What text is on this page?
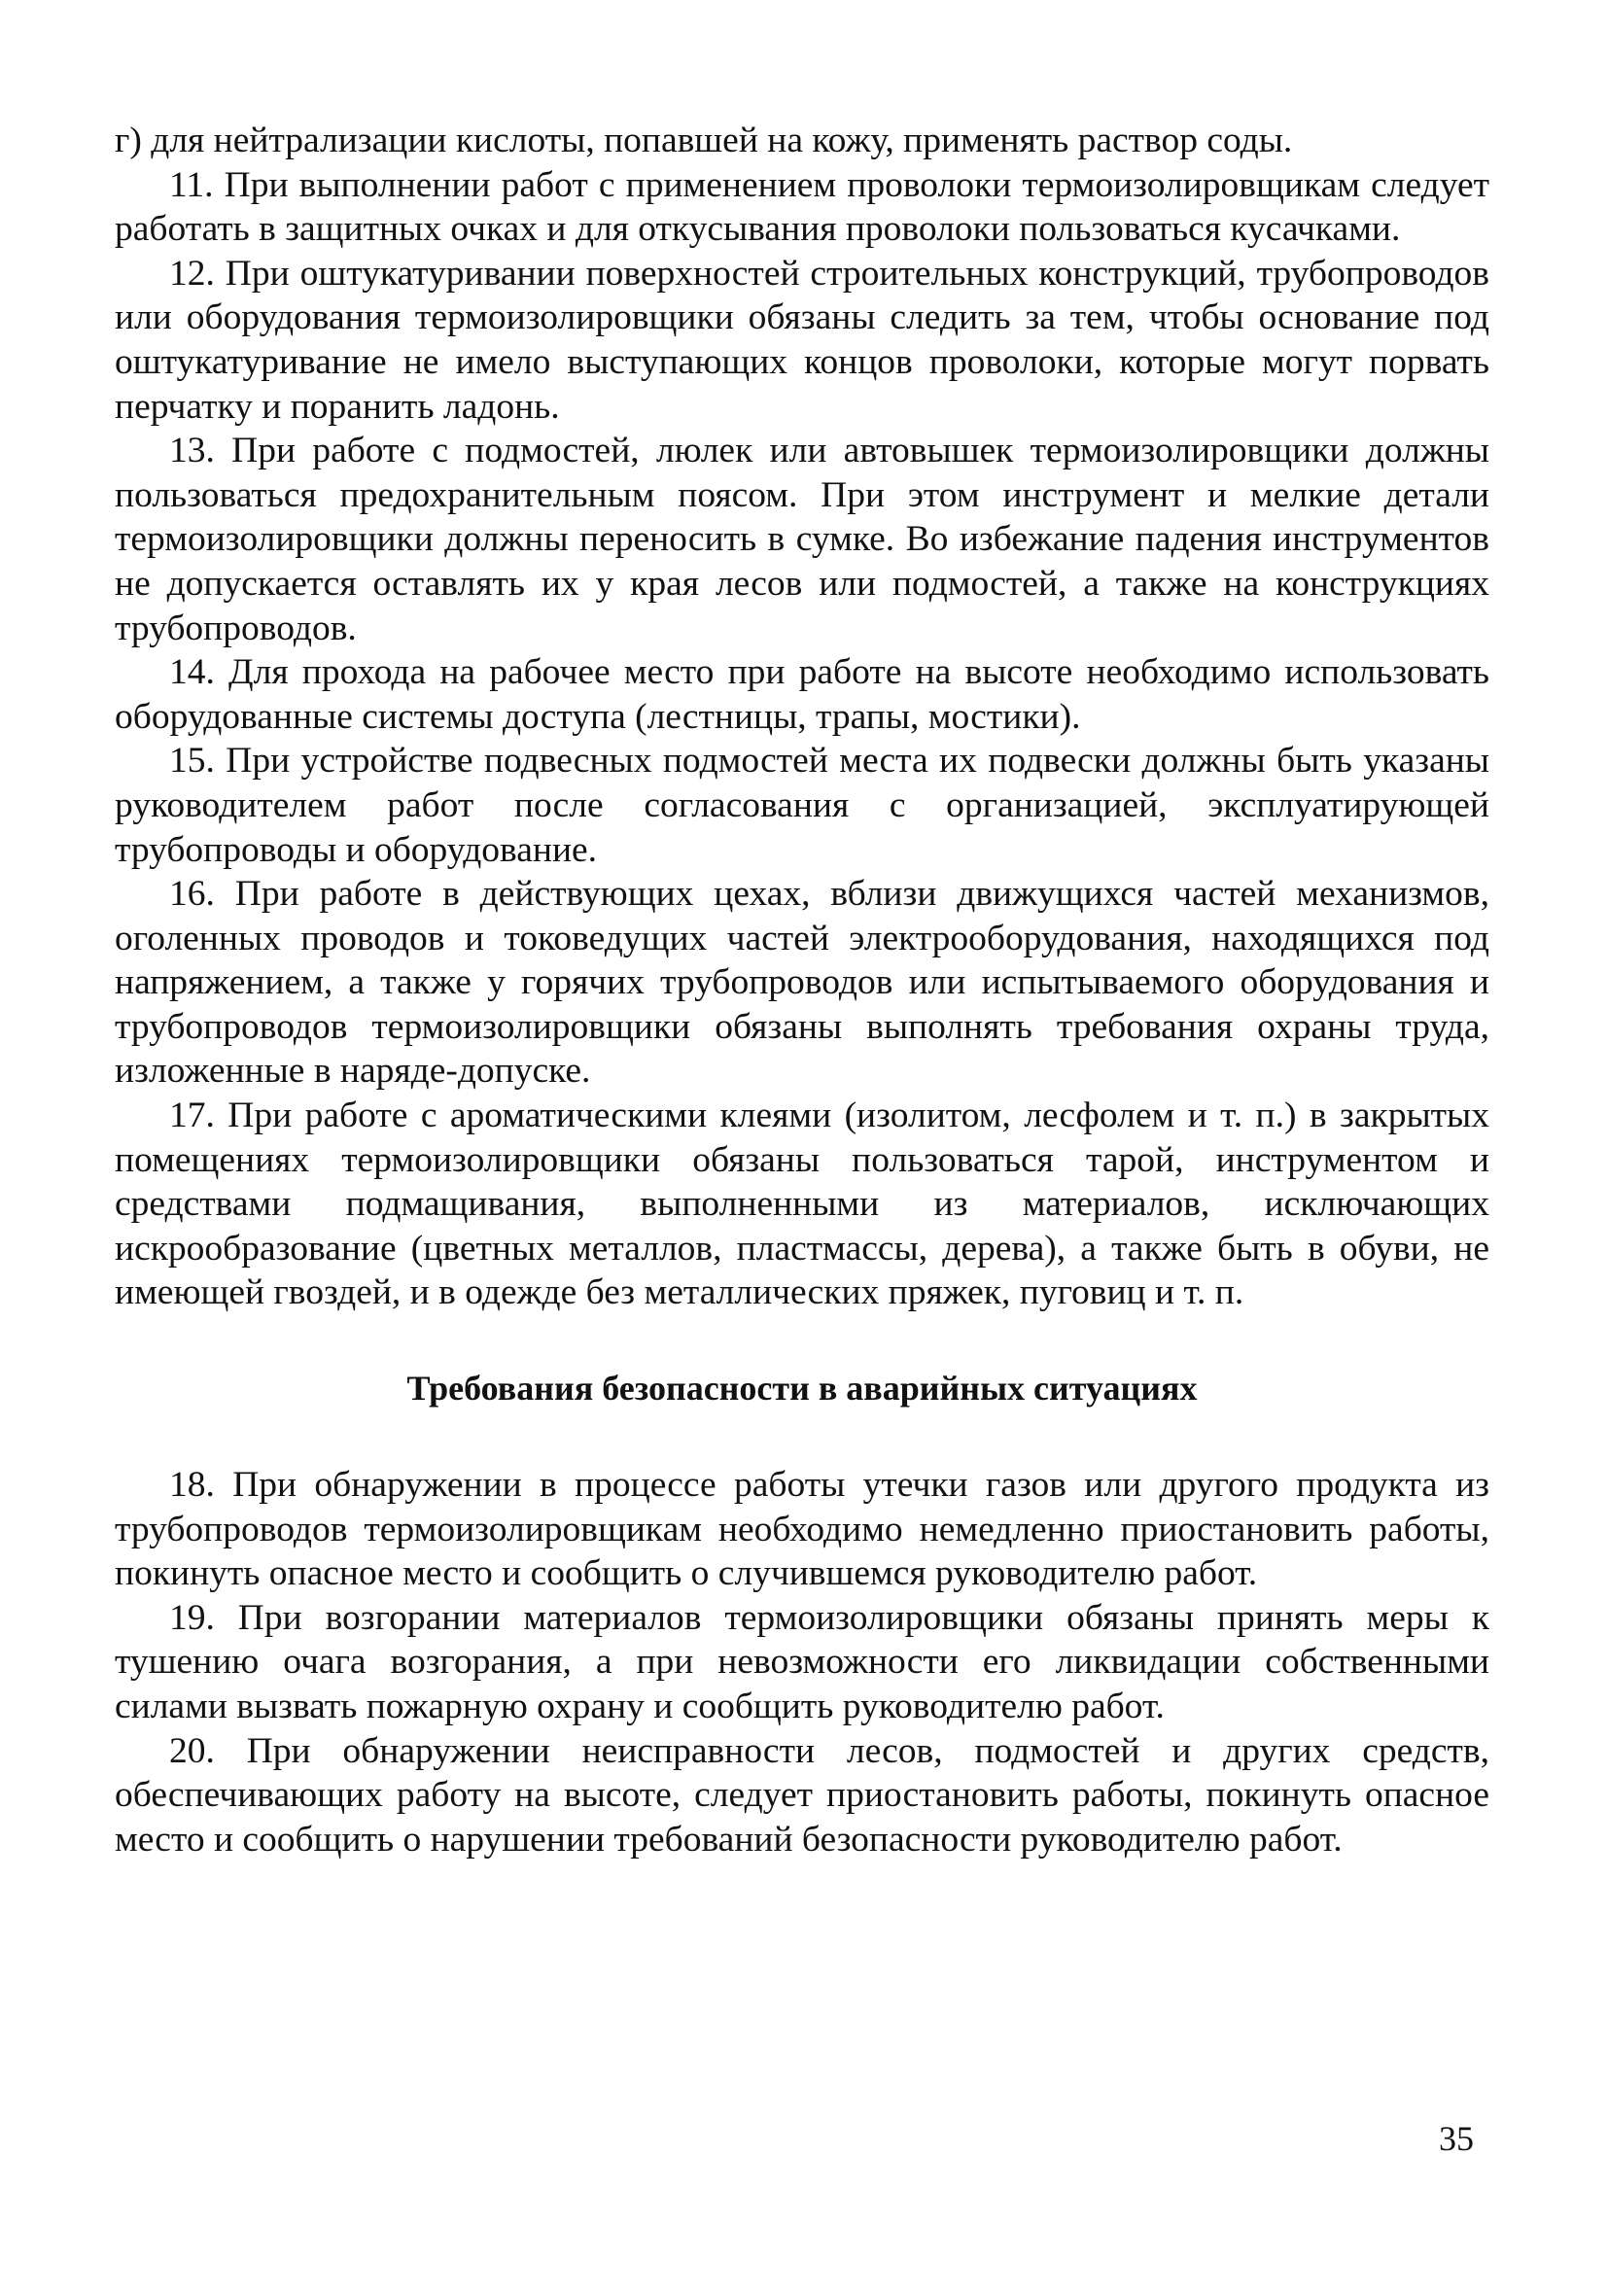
г) для нейтрализации кислоты, попавшей на кожу, применять раствор соды.

11. При выполнении работ с применением проволоки термоизолировщикам следует работать в защитных очках и для откусывания проволоки пользоваться кусачками.

12. При оштукатуривании поверхностей строительных конструкций, трубопроводов или оборудования термоизолировщики обязаны следить за тем, чтобы основание под оштукатуривание не имело выступающих концов проволоки, которые могут порвать перчатку и поранить ладонь.

13. При работе с подмостей, люлек или автовышек термоизолировщики должны пользоваться предохранительным поясом. При этом инструмент и мелкие детали термоизолировщики должны переносить в сумке. Во избежание падения инструментов не допускается оставлять их у края лесов или подмостей, а также на конструкциях трубопроводов.

14. Для прохода на рабочее место при работе на высоте необходимо использовать оборудованные системы доступа (лестницы, трапы, мостики).

15. При устройстве подвесных подмостей места их подвески должны быть указаны руководителем работ после согласования с организацией, эксплуатирующей трубопроводы и оборудование.

16. При работе в действующих цехах, вблизи движущихся частей механизмов, оголенных проводов и токоведущих частей электрооборудования, находящихся под напряжением, а также у горячих трубопроводов или испытываемого оборудования и трубопроводов термоизолировщики обязаны выполнять требования охраны труда, изложенные в наряде-допуске.

17. При работе с ароматическими клеями (изолитом, лесфолем и т. п.) в закрытых помещениях термоизолировщики обязаны пользоваться тарой, инструментом и средствами подмащивания, выполненными из материалов, исключающих искрообразование (цветных металлов, пластмассы, дерева), а также быть в обуви, не имеющей гвоздей, и в одежде без металлических пряжек, пуговиц и т. п.

Требования безопасности в аварийных ситуациях

18. При обнаружении в процессе работы утечки газов или другого продукта из трубопроводов термоизолировщикам необходимо немедленно приостановить работы, покинуть опасное место и сообщить о случившемся руководителю работ.

19. При возгорании материалов термоизолировщики обязаны принять меры к тушению очага возгорания, а при невозможности его ликвидации собственными силами вызвать пожарную охрану и сообщить руководителю работ.

20. При обнаружении неисправности лесов, подмостей и других средств, обеспечивающих работу на высоте, следует приостановить работы, покинуть опасное место и сообщить о нарушении требований безопасности руководителю работ.

35
